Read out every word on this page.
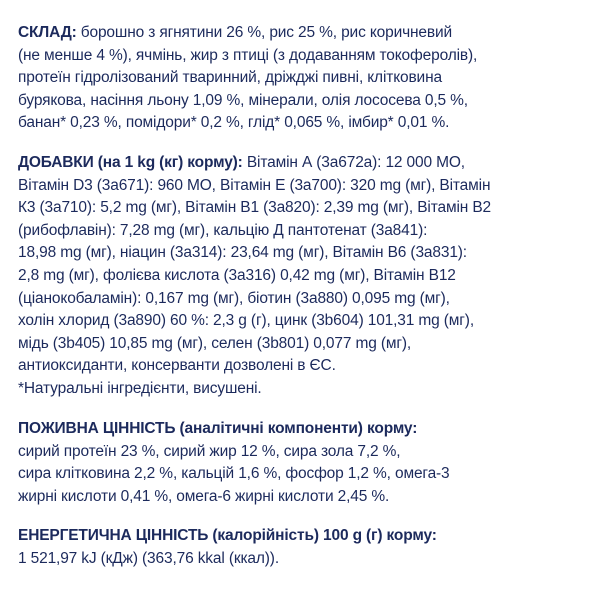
СКЛАД: борошно з ягнятини 26 %, рис 25 %, рис коричневий
(не менше 4 %), ячмінь, жир з птиці (з додаванням токоферолів),
протеїн гідролізований тваринний, дріжджі пивні, клітковина
бурякова, насіння льону 1,09 %, мінерали, олія лососева 0,5 %,
банан* 0,23 %, помідори* 0,2 %, глід* 0,065 %, імбир* 0,01 %.
ДОБАВКИ (на 1 kg (кг) корму): Вітамін А (3a672a): 12 000 МО,
Вітамін D3 (3a671): 960 МО, Вітамін Е (3a700): 320 mg (мг), Вітамін
К3 (3a710): 5,2 mg (мг), Вітамін В1 (3a820): 2,39 mg (мг), Вітамін В2
(рибофлавін): 7,28 mg (мг), кальцію Д пантотенат (3a841):
18,98 mg (мг), ніацин (3a314): 23,64 mg (мг), Вітамін В6 (3a831):
2,8 mg (мг), фолієва кислота (3a316) 0,42 mg (мг), Вітамін В12
(ціанокобаламін): 0,167 mg (мг), біотин (3a880) 0,095 mg (мг),
холін хлорид (3a890) 60 %: 2,3 g (г), цинк (3b604) 101,31 mg (мг),
мідь (3b405) 10,85 mg (мг), селен (3b801) 0,077 mg (мг),
антиоксиданти, консерванти дозволені в ЄС.
*Натуральні інгредієнти, висушені.
ПОЖИВНА ЦІННІСТЬ (аналітичні компоненти) корму:
сирий протеїн 23 %, сирий жир 12 %, сира зола 7,2 %,
сира клітковина 2,2 %, кальцій 1,6 %, фосфор 1,2 %, омега-3
жирні кислоти 0,41 %, омега-6 жирні кислоти 2,45 %.
ЕНЕРГЕТИЧНА ЦІННІСТЬ (калорійність) 100 g (г) корму:
1 521,97 kJ (кДж) (363,76 kkal (ккал)).
